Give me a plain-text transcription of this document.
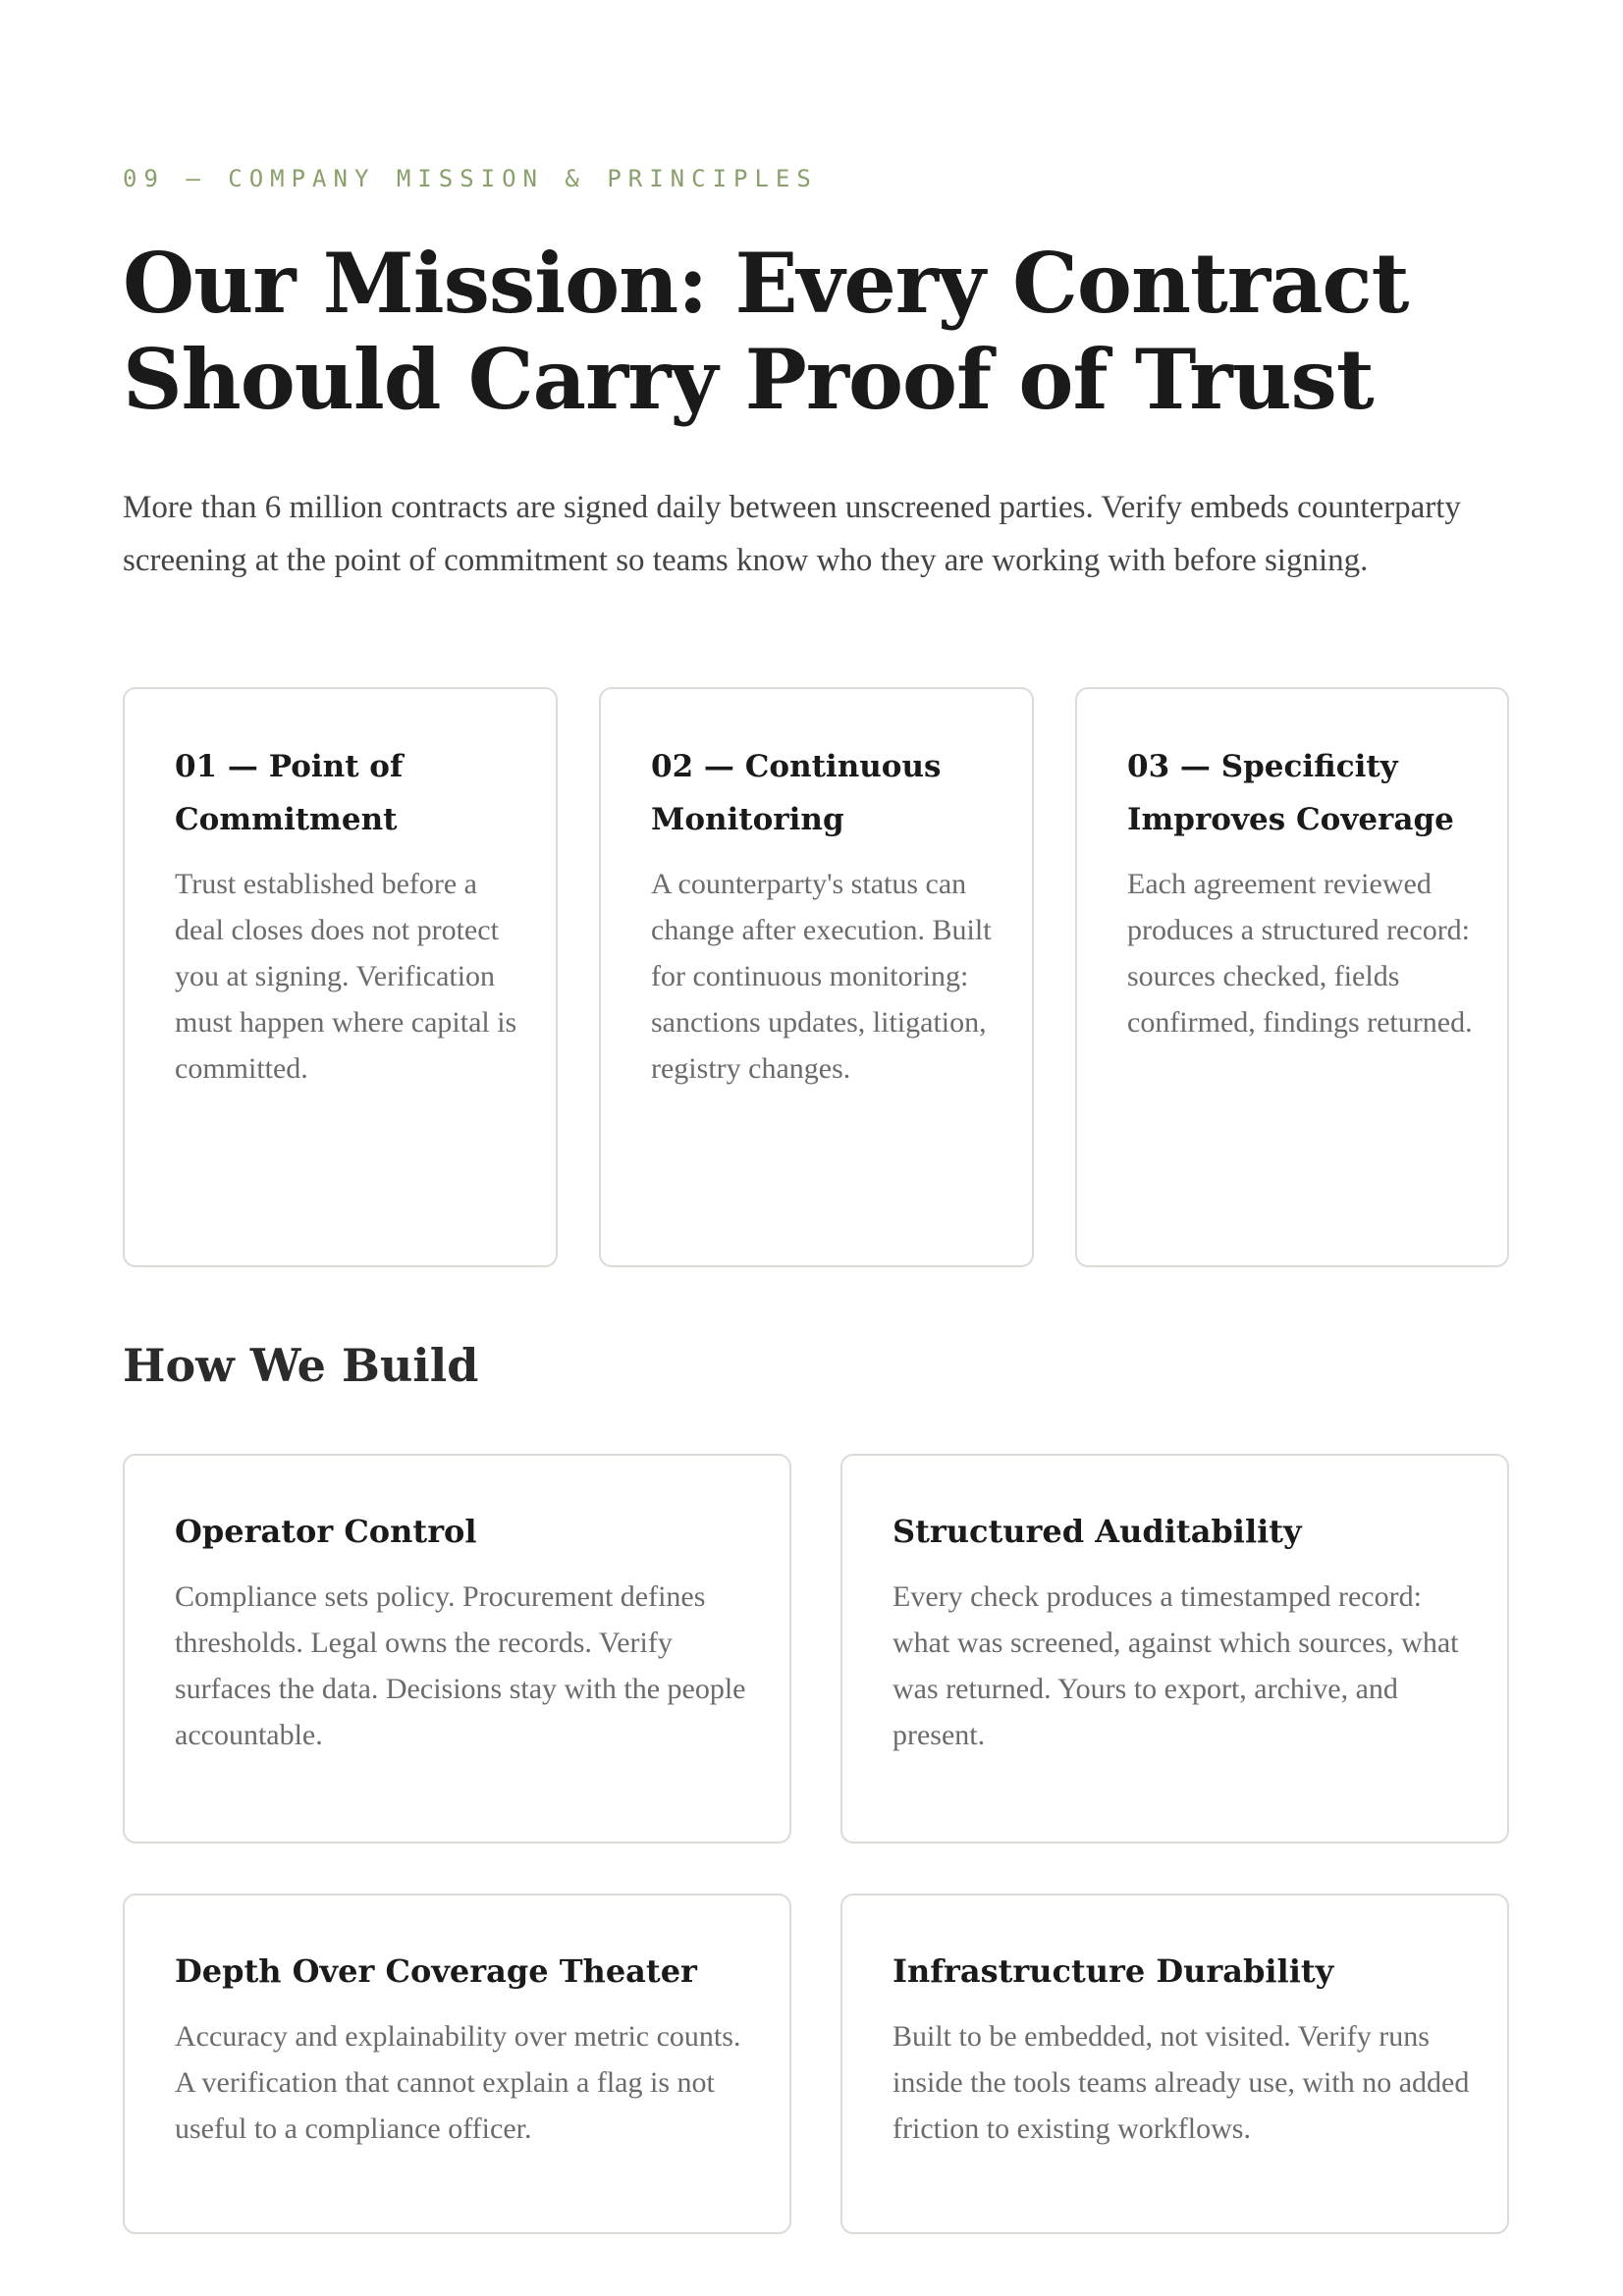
09 — COMPANY MISSION & PRINCIPLES
Our Mission: Every Contract Should Carry Proof of Trust

More than 6 million contracts are signed daily between unscreened parties. Verify embeds counterparty screening at the point of commitment so teams know who they are working with before signing.

01 — Point of Commitment

Trust established before a deal closes does not protect you at signing. Verification must happen where capital is committed.

02 — Continuous Monitoring

A counterparty's status can change after execution. Built for continuous monitoring: sanctions updates, litigation, registry changes.

03 — Specificity Improves Coverage

Each agreement reviewed produces a structured record: sources checked, fields confirmed, findings returned.

How We Build
Operator Control

Compliance sets policy. Procurement defines thresholds. Legal owns the records. Verify surfaces the data. Decisions stay with the people accountable.

Structured Auditability

Every check produces a timestamped record: what was screened, against which sources, what was returned. Yours to export, archive, and present.

Depth Over Coverage Theater

Accuracy and explainability over metric counts. A verification that cannot explain a flag is not useful to a compliance officer.

Infrastructure Durability

Built to be embedded, not visited. Verify runs inside the tools teams already use, with no added friction to existing workflows.
